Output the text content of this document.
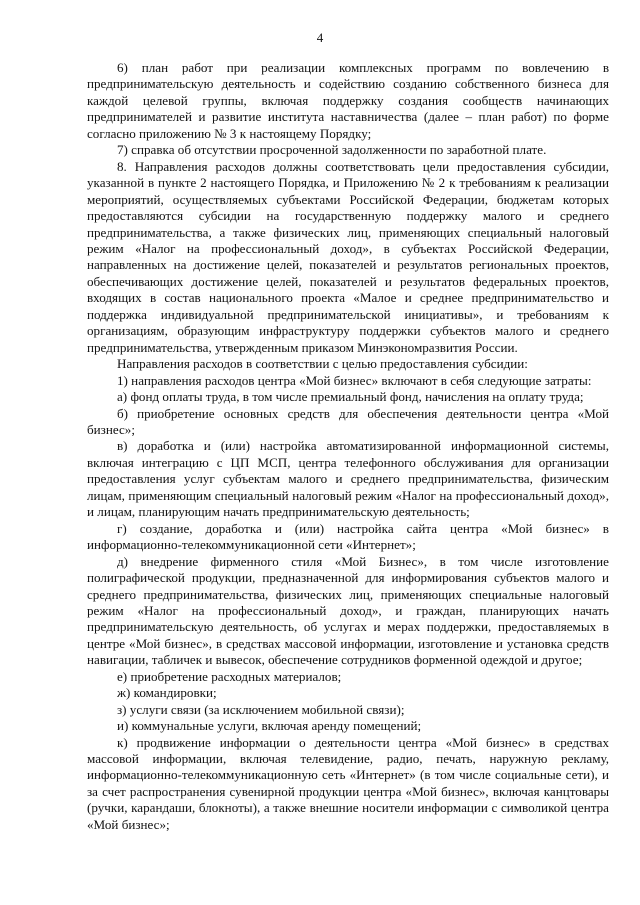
4

6) план работ при реализации комплексных программ по вовлечению в предпринимательскую деятельность и содействию созданию собственного бизнеса для каждой целевой группы, включая поддержку создания сообществ начинающих предпринимателей и развитие института наставничества (далее – план работ) по форме согласно приложению № 3 к настоящему Порядку;

7) справка об отсутствии просроченной задолженности по заработной плате.

8. Направления расходов должны соответствовать цели предоставления субсидии, указанной в пункте 2 настоящего Порядка, и Приложению № 2 к требованиям к реализации мероприятий, осуществляемых субъектами Российской Федерации, бюджетам которых предоставляются субсидии на государственную поддержку малого и среднего предпринимательства, а также физических лиц, применяющих специальный налоговый режим «Налог на профессиональный доход», в субъектах Российской Федерации, направленных на достижение целей, показателей и результатов региональных проектов, обеспечивающих достижение целей, показателей и результатов федеральных проектов, входящих в состав национального проекта «Малое и среднее предпринимательство и поддержка индивидуальной предпринимательской инициативы», и требованиям к организациям, образующим инфраструктуру поддержки субъектов малого и среднего предпринимательства, утвержденным приказом Минэкономразвития России.

Направления расходов в соответствии с целью предоставления субсидии:

1) направления расходов центра «Мой бизнес» включают в себя следующие затраты:

а) фонд оплаты труда, в том числе премиальный фонд, начисления на оплату труда;

б) приобретение основных средств для обеспечения деятельности центра «Мой бизнес»;

в) доработка и (или) настройка автоматизированной информационной системы, включая интеграцию с ЦП МСП, центра телефонного обслуживания для организации предоставления услуг субъектам малого и среднего предпринимательства, физическим лицам, применяющим специальный налоговый режим «Налог на профессиональный доход», и лицам, планирующим начать предпринимательскую деятельность;

г) создание, доработка и (или) настройка сайта центра «Мой бизнес» в информационно-телекоммуникационной сети «Интернет»;

д) внедрение фирменного стиля «Мой Бизнес», в том числе изготовление полиграфической продукции, предназначенной для информирования субъектов малого и среднего предпринимательства, физических лиц, применяющих специальные налоговый режим «Налог на профессиональный доход», и граждан, планирующих начать предпринимательскую деятельность, об услугах и мерах поддержки, предоставляемых в центре «Мой бизнес», в средствах массовой информации, изготовление и установка средств навигации, табличек и вывесок, обеспечение сотрудников форменной одеждой и другое;

е) приобретение расходных материалов;

ж) командировки;

з) услуги связи (за исключением мобильной связи);

и) коммунальные услуги, включая аренду помещений;

к) продвижение информации о деятельности центра «Мой бизнес» в средствах массовой информации, включая телевидение, радио, печать, наружную рекламу, информационно-телекоммуникационную сеть «Интернет» (в том числе социальные сети), и за счет распространения сувенирной продукции центра «Мой бизнес», включая канцтовары (ручки, карандаши, блокноты), а также внешние носители информации с символикой центра «Мой бизнес»;
